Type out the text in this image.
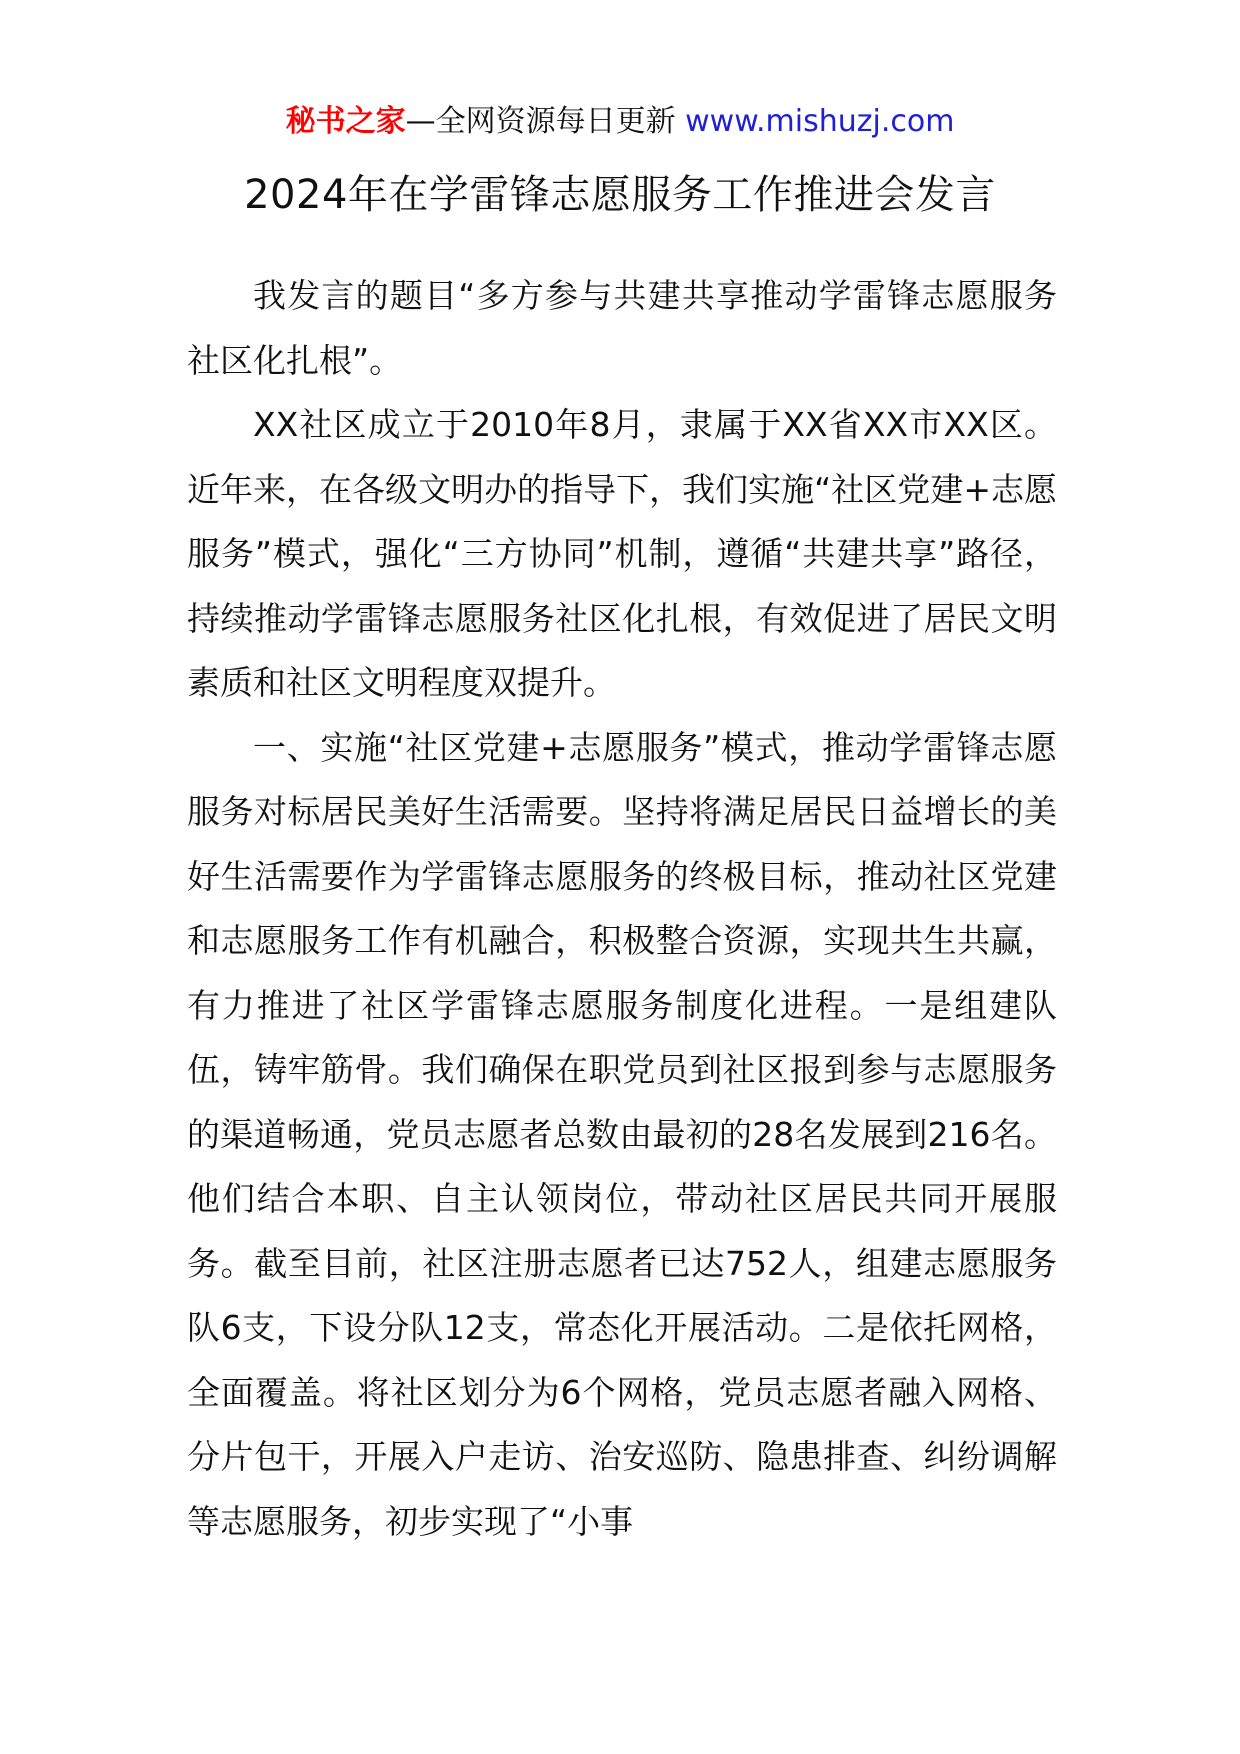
秘书之家—全网资源每日更新 www.mishuzj.com
2024年在学雷锋志愿服务工作推进会发言

我发言的题目“多方参与共建共享推动学雷锋志愿服务社区化扎根”。

XX社区成立于2010年8月，隶属于XX省XX市XX区。近年来，在各级文明办的指导下，我们实施“社区党建+志愿服务”模式，强化“三方协同”机制，遵循“共建共享”路径，持续推动学雷锋志愿服务社区化扎根，有效促进了居民文明素质和社区文明程度双提升。

一、实施“社区党建+志愿服务”模式，推动学雷锋志愿服务对标居民美好生活需要。坚持将满足居民日益增长的美好生活需要作为学雷锋志愿服务的终极目标，推动社区党建和志愿服务工作有机融合，积极整合资源，实现共生共赢，有力推进了社区学雷锋志愿服务制度化进程。一是组建队伍，铸牢筋骨。我们确保在职党员到社区报到参与志愿服务的渠道畅通，党员志愿者总数由最初的28名发展到216名。他们结合本职、自主认领岗位，带动社区居民共同开展服务。截至目前，社区注册志愿者已达752人，组建志愿服务队6支，下设分队12支，常态化开展活动。二是依托网格，全面覆盖。将社区划分为6个网格，党员志愿者融入网格、分片包干，开展入户走访、治安巡防、隐患排查、纠纷调解等志愿服务，初步实现了“小事
